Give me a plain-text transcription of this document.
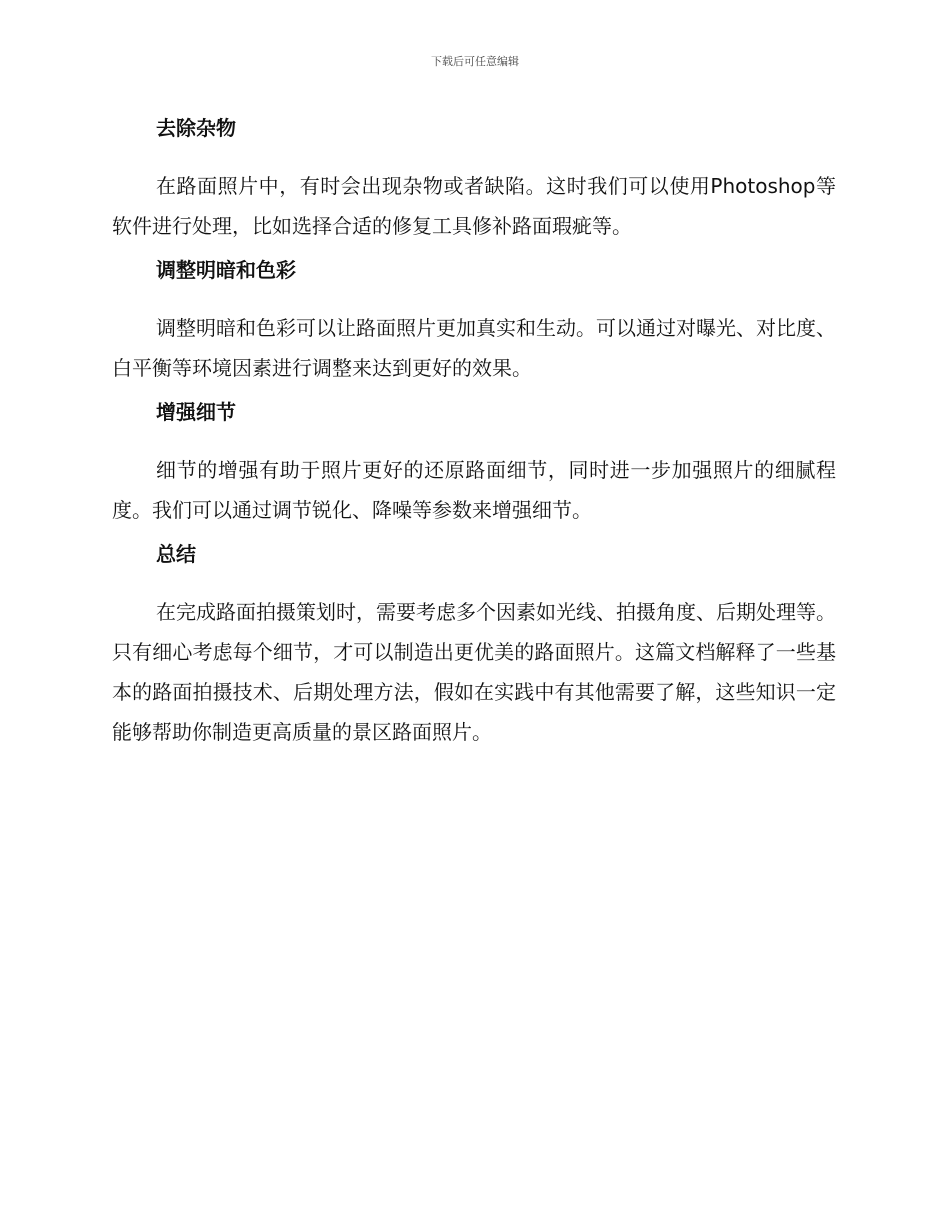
下载后可任意编辑
去除杂物

在路面照片中，有时会出现杂物或者缺陷。这时我们可以使用Photoshop等软件进行处理，比如选择合适的修复工具修补路面瑕疵等。

调整明暗和色彩

调整明暗和色彩可以让路面照片更加真实和生动。可以通过对曝光、对比度、白平衡等环境因素进行调整来达到更好的效果。

增强细节

细节的增强有助于照片更好的还原路面细节，同时进一步加强照片的细腻程度。我们可以通过调节锐化、降噪等参数来增强细节。

总结

在完成路面拍摄策划时，需要考虑多个因素如光线、拍摄角度、后期处理等。只有细心考虑每个细节，才可以制造出更优美的路面照片。这篇文档解释了一些基本的路面拍摄技术、后期处理方法，假如在实践中有其他需要了解，这些知识一定能够帮助你制造更高质量的景区路面照片。
